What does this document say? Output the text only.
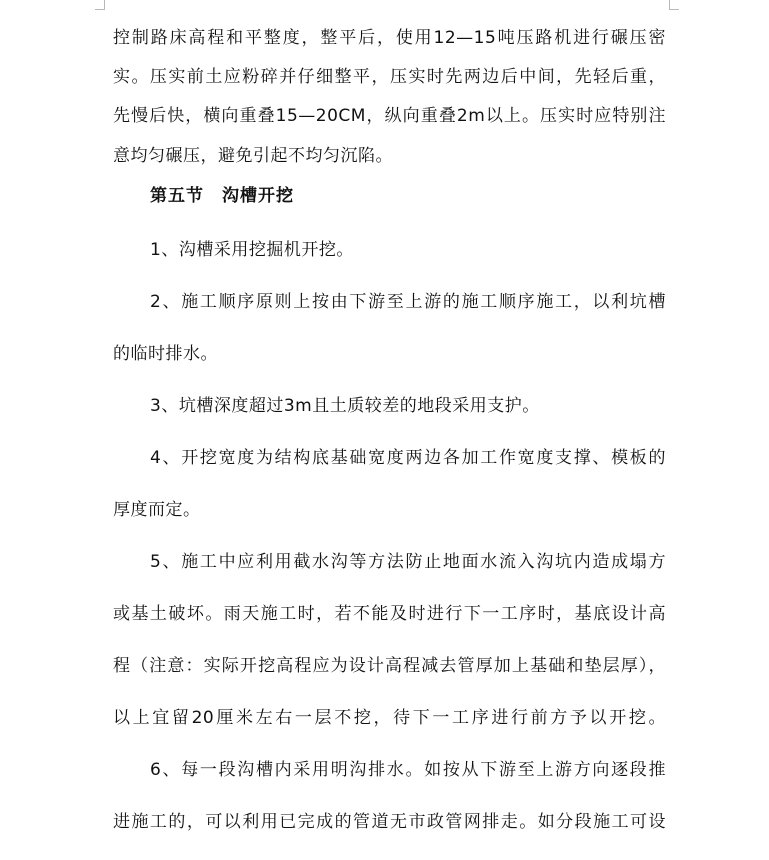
控制路床高程和平整度，整平后，使用12—15吨压路机进行碾压密
实。压实前土应粉碎并仔细整平，压实时先两边后中间，先轻后重，
先慢后快，横向重叠15—20CM，纵向重叠2m以上。压实时应特别注
意均匀碾压，避免引起不均匀沉陷。
第五节　沟槽开挖
1、沟槽采用挖掘机开挖。
2、施工顺序原则上按由下游至上游的施工顺序施工，以利坑槽
的临时排水。
3、坑槽深度超过3m且土质较差的地段采用支护。
4、开挖宽度为结构底基础宽度两边各加工作宽度支撑、模板的
厚度而定。
5、施工中应利用截水沟等方法防止地面水流入沟坑内造成塌方
或基土破坏。雨天施工时，若不能及时进行下一工序时，基底设计高
程（注意：实际开挖高程应为设计高程减去管厚加上基础和垫层厚），
以上宜留20厘米左右一层不挖，待下一工序进行前方予以开挖。
6、每一段沟槽内采用明沟排水。如按从下游至上游方向逐段推
进施工的，可以利用已完成的管道无市政管网排走。如分段施工可设
